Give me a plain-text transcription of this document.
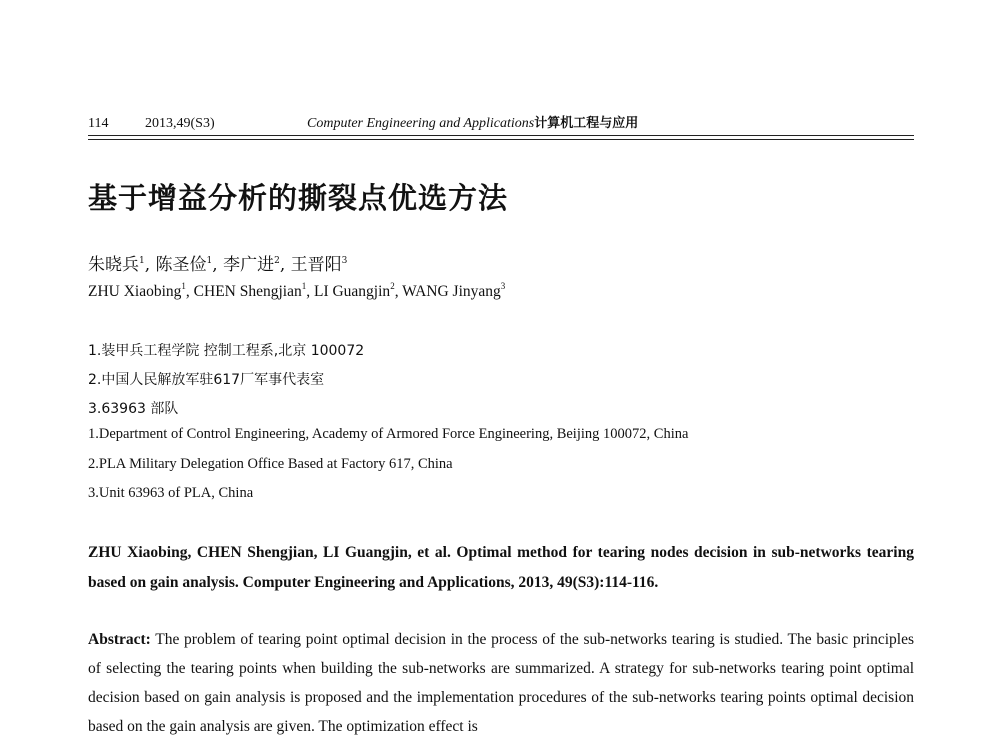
114	2013,49(S3)	Computer Engineering and Applications计算机工程与应用
基于增益分析的撕裂点优选方法
朱晓兵$^1$, 陈圣俭$^1$, 李广进$^2$, 王晋阳$^3$
ZHU Xiaobing$^1$, CHEN Shengjian$^1$, LI Guangjin$^2$, WANG Jinyang$^3$
1.装甲兵工程学院 控制工程系,北京 100072
2.中国人民解放军驻617厂军事代表室
3.63963 部队
1.Department of Control Engineering, Academy of Armored Force Engineering, Beijing 100072, China
2.PLA Military Delegation Office Based at Factory 617, China
3.Unit 63963 of PLA, China
ZHU Xiaobing, CHEN Shengjian, LI Guangjin, et al. Optimal method for tearing nodes decision in sub-networks tearing based on gain analysis. Computer Engineering and Applications, 2013, 49(S3):114-116.
Abstract: The problem of tearing point optimal decision in the process of the sub-networks tearing is studied. The basic principles of selecting the tearing points when building the sub-networks are summarized. A strategy for sub-networks tearing point optimal decision based on gain analysis is proposed and the implementation procedures of the sub-networks tearing points optimal decision based on the gain analysis are given. The optimization effect is
